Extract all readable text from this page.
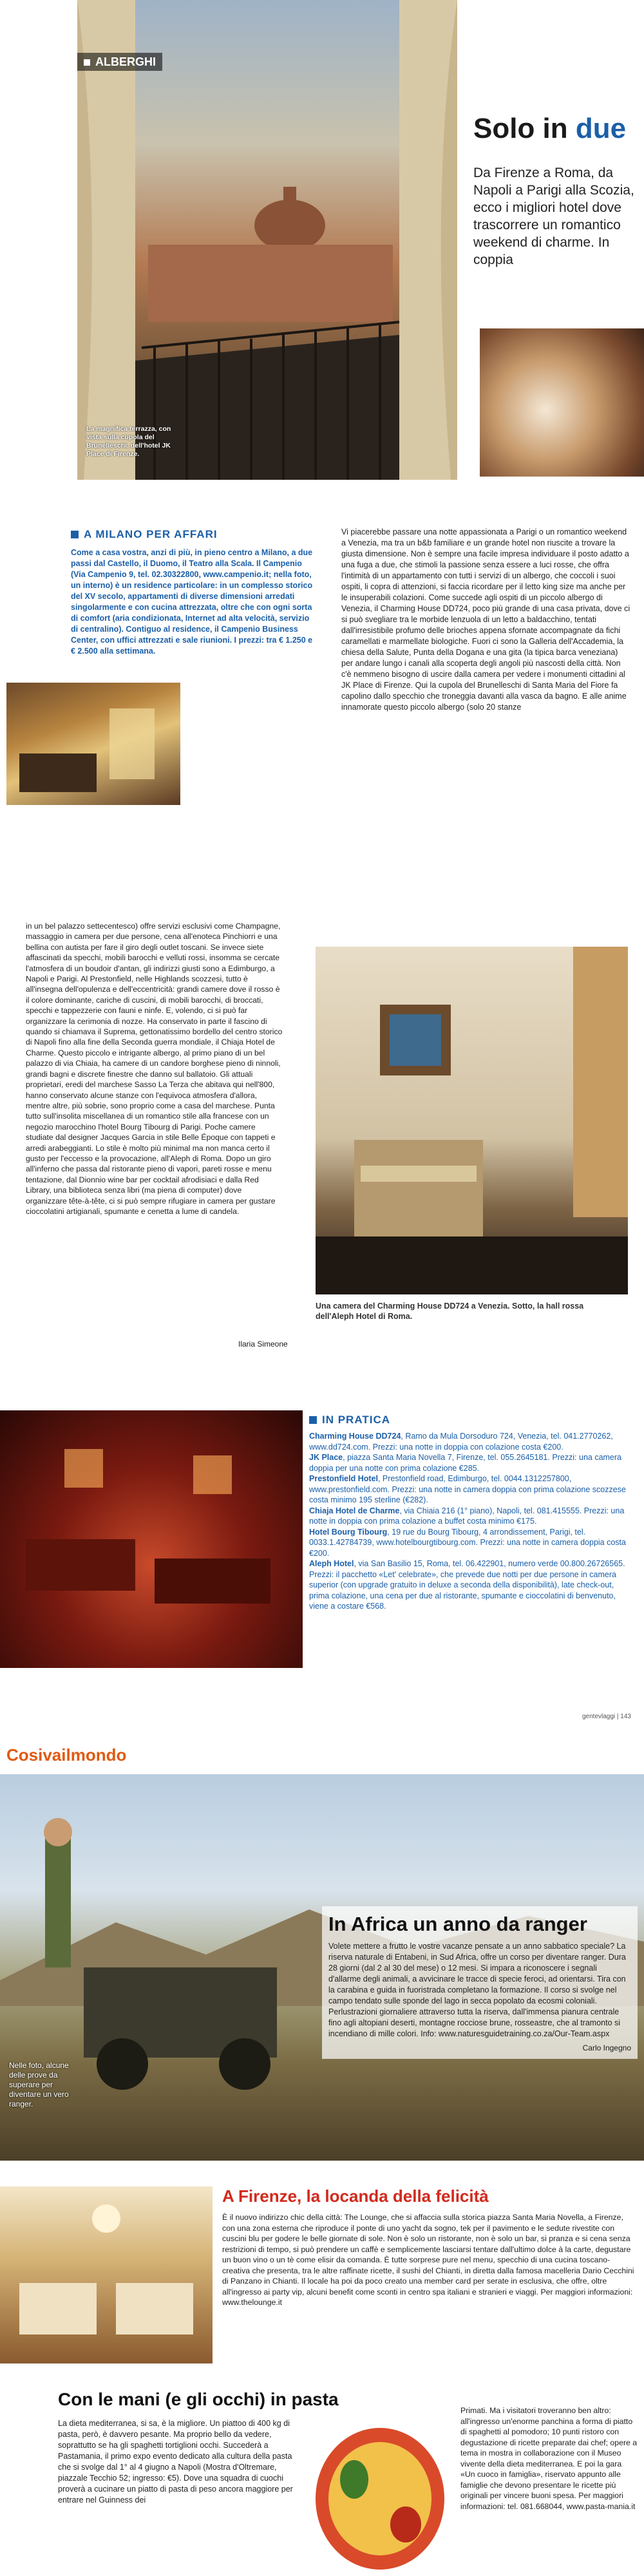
ALBERGHI
La magnifica terrazza, con vista sulla cupola del Brunelleschi, dell'hotel JK Place di Firenze.
Solo in due
Da Firenze a Roma, da Napoli a Parigi alla Scozia, ecco i migliori hotel dove trascorrere un romantico weekend di charme. In coppia
A MILANO PER AFFARI
Come a casa vostra, anzi di più, in pieno centro a Milano, a due passi dal Castello, il Duomo, il Teatro alla Scala. Il Campenio (Via Campenio 9, tel. 02.30322800, www.campenio.it; nella foto, un interno) è un residence particolare: in un complesso storico del XV secolo, appartamenti di diverse dimensioni arredati singolarmente e con cucina attrezzata, oltre che con ogni sorta di comfort (aria condizionata, Internet ad alta velocità, servizio di centralino). Contiguo al residence, il Campenio Business Center, con uffici attrezzati e sale riunioni. I prezzi: tra € 1.250 e € 2.500 alla settimana.
Vi piacerebbe passare una notte appassionata a Parigi o un romantico weekend a Venezia, ma tra un b&b familiare e un grande hotel non riuscite a trovare la giusta dimensione. Non è sempre una facile impresa individuare il posto adatto a una fuga a due, che stimoli la passione senza essere a luci rosse, che offra l'intimità di un appartamento con tutti i servizi di un albergo, che coccoli i suoi ospiti, li copra di attenzioni, si faccia ricordare per il letto king size ma anche per le insuperabili colazioni. Come succede agli ospiti di un piccolo albergo di Venezia, il Charming House DD724, poco più grande di una casa privata, dove ci si può svegliare tra le morbide lenzuola di un letto a baldacchino, tentati dall'irresistibile profumo delle brioches appena sfornate accompagnate da fichi caramellati e marmellate biologiche. Fuori ci sono la Galleria dell'Accademia, la chiesa della Salute, Punta della Dogana e una gita (la tipica barca veneziana) per andare lungo i canali alla scoperta degli angoli più nascosti della città. Non c'è nemmeno bisogno di uscire dalla camera per vedere i monumenti cittadini al JK Place di Firenze. Qui la cupola del Brunelleschi di Santa Maria del Fiore fa capolino dallo specchio che troneggia davanti alla vasca da bagno. E alle anime innamorate questo piccolo albergo (solo 20 stanze
in un bel palazzo settecentesco) offre servizi esclusivi come Champagne, massaggio in camera per due persone, cena all'enoteca Pinchiorri e una bellina con autista per fare il giro degli outlet toscani. Se invece siete affascinati da specchi, mobili barocchi e velluti rossi, insomma se cercate l'atmosfera di un boudoir d'antan, gli indirizzi giusti sono a Edimburgo, a Napoli e Parigi. Al Prestonfield, nelle Highlands scozzesi, tutto è all'insegna dell'opulenza e dell'eccentricità: grandi camere dove il rosso è il colore dominante, cariche di cuscini, di mobili barocchi, di broccati, specchi e tappezzerie con fauni e ninfe. E, volendo, ci si può far organizzare la cerimonia di nozze. Ha conservato in parte il fascino di quando si chiamava il Suprema, gettonatissimo bordello del centro storico di Napoli fino alla fine della Seconda guerra mondiale, il Chiaja Hotel de Charme. Questo piccolo e intrigante albergo, al primo piano di un bel palazzo di via Chiaia, ha camere di un candore borghese pieno di ninnoli, grandi bagni e discrete finestre che danno sul ballatoio. Gli attuali proprietari, eredi del marchese Sasso La Terza che abitava qui nell'800, hanno conservato alcune stanze con l'equivoca atmosfera d'allora, mentre altre, più sobrie, sono proprio come a casa del marchese. Punta tutto sull'insolita miscellanea di un romantico stile alla francese con un negozio marocchino l'hotel Bourg Tibourg di Parigi. Poche camere studiate dal designer Jacques Garcia in stile Belle Époque con tappeti e arredi arabeggianti. Lo stile è molto più minimal ma non manca certo il gusto per l'eccesso e la provocazione, all'Aleph di Roma. Dopo un giro all'inferno che passa dal ristorante pieno di vapori, pareti rosse e menu tentazione, dal Dionnio wine bar per cocktail afrodisiaci e dalla Red Library, una biblioteca senza libri (ma piena di computer) dove organizzare tête-à-tête, ci si può sempre rifugiare in camera per gustare cioccolatini artigianali, spumante e cenetta a lume di candela.
Ilaria Simeone
Una camera del Charming House DD724 a Venezia. Sotto, la hall rossa dell'Aleph Hotel di Roma.
IN PRATICA

Charming House DD724, Ramo da Mula Dorsoduro 724, Venezia, tel. 041.2770262, www.dd724.com. Prezzi: una notte in doppia con colazione costa €200.

JK Place, piazza Santa Maria Novella 7, Firenze, tel. 055.2645181. Prezzi: una camera doppia per una notte con prima colazione €285.

Prestonfield Hotel, Prestonfield road, Edimburgo, tel. 0044.1312257800, www.prestonfield.com. Prezzi: una notte in camera doppia con prima colazione scozzese costa minimo 195 sterline (€282).

Chiaja Hotel de Charme, via Chiaia 216 (1° piano), Napoli, tel. 081.415555. Prezzi: una notte in doppia con prima colazione a buffet costa minimo €175.

Hotel Bourg Tibourg, 19 rue du Bourg Tibourg, 4 arrondissement, Parigi, tel. 0033.1.42784739, www.hotelbourgtibourg.com. Prezzi: una notte in camera doppia costa €200.

Aleph Hotel, via San Basilio 15, Roma, tel. 06.422901, numero verde 00.800.26726565. Prezzi: il pacchetto «Let' celebrate», che prevede due notti per due persone in camera superior (con upgrade gratuito in deluxe a seconda della disponibilità), late check-out, prima colazione, una cena per due al ristorante, spumante e cioccolatini di benvenuto, viene a costare €568.

gentevlaggi | 143
Cosivailmondo
In Africa un anno da ranger
Volete mettere a frutto le vostre vacanze pensate a un anno sabbatico speciale? La riserva naturale di Entabeni, in Sud Africa, offre un corso per diventare ranger. Dura 28 giorni (dal 2 al 30 del mese) o 12 mesi. Si impara a riconoscere i segnali d'allarme degli animali, a avvicinare le tracce di specie feroci, ad orientarsi. Tira con la carabina e guida in fuoristrada completano la formazione. Il corso si svolge nel campo tendato sulle sponde del lago in secca popolato da ecosmi coloniali. Perlustrazioni giornaliere attraverso tutta la riserva, dall'immensa pianura centrale fino agli altopiani deserti, montagne rocciose brune, rosseastre, che al tramonto si incendiano di mille colori. Info: www.naturesguidetraining.co.za/Our-Team.aspx
Carlo Ingegno
Nelle foto, alcune delle prove da superare per diventare un vero ranger.
A Firenze, la locanda della felicità
È il nuovo indirizzo chic della città: The Lounge, che si affaccia sulla storica piazza Santa Maria Novella, a Firenze, con una zona esterna che riproduce il ponte di uno yacht da sogno, tek per il pavimento e le sedute rivestite con cuscini blu per godere le belle giornate di sole. Non è solo un ristorante, non è solo un bar, si pranza e si cena senza restrizioni di tempo, si può prendere un caffè e semplicemente lasciarsi tentare dall'ultimo dolce à la carte, degustare un buon vino o un tè come elisir da comanda. È tutte sorprese pure nel menu, specchio di una cucina toscano-creativa che presenta, tra le altre raffinate ricette, il sushi del Chianti, in diretta dalla famosa macelleria Dario Cecchini di Panzano in Chianti. Il locale ha poi da poco creato una member card per serate in esclusiva, che offre, oltre all'ingresso ai party vip, alcuni benefit come sconti in centro spa italiani e stranieri e viaggi. Per maggiori informazioni: www.thelounge.it
Con le mani (e gli occhi) in pasta
La dieta mediterranea, si sa, è la migliore. Un piattoo di 400 kg di pasta, però, è davvero pesante. Ma proprio bello da vedere, soprattutto se ha gli spaghetti tortiglioni occhi. Succederà a Pastamania, il primo expo evento dedicato alla cultura della pasta che si svolge dal 1° al 4 giugno a Napoli (Mostra d'Oltremare, piazzale Tecchio 52; ingresso: €5). Dove una squadra di cuochi proverà a cucinare un piatto di pasta di peso ancora maggiore per entrare nel Guinness dei
Primati. Ma i visitatori troveranno ben altro: all'ingresso un'enorme panchina a forma di piatto di spaghetti al pomodoro; 10 punti ristoro con degustazione di ricette preparate dai chef; opere a tema in mostra in collaborazione con il Museo vivente della dieta mediterranea. E poi la gara «Un cuoco in famiglia», riservato appunto alle famiglie che devono presentare le ricette più originali per vincere buoni spesa. Per maggiori informazioni: tel. 081.668044, www.pasta-mania.it
